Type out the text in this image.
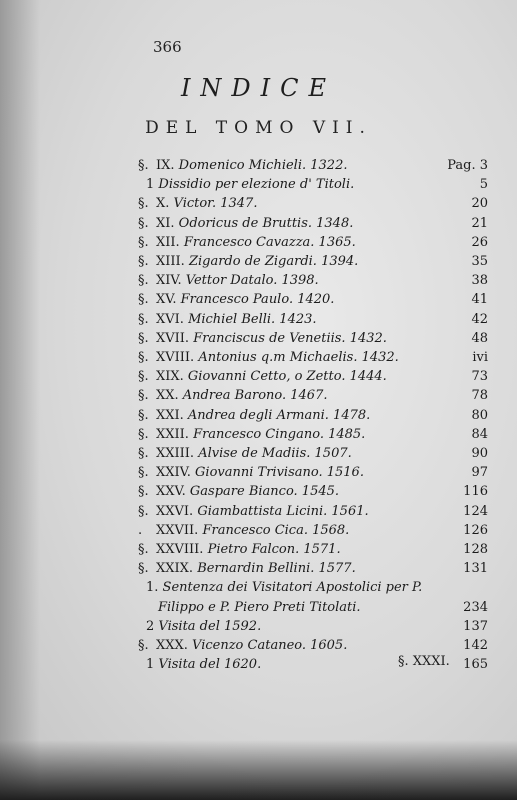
366
INDICE
DEL TOMO VII.
§. IX. Domenico Michieli. 1322.	Pag. 3
1 Dissidio per elezione d' Titoli.	5
§. X. Victor. 1347.	20
§. XI. Odoricus de Bruttis. 1348.	21
§. XII. Francesco Cavazza. 1365.	26
§. XIII. Zigardo de Zigardi. 1394.	35
§. XIV. Vettor Datalo. 1398.	38
§. XV. Francesco Paulo. 1420.	41
§. XVI. Michiel Belli. 1423.	42
§. XVII. Franciscus de Venetiis. 1432.	48
§. XVIII. Antonius q.m Michaelis. 1432.	ivi
§. XIX. Giovanni Cetto, o Zetto. 1444.	73
§. XX. Andrea Barono. 1467.	78
§. XXI. Andrea degli Armani. 1478.	80
§. XXII. Francesco Cingano. 1485.	84
§. XXIII. Alvise de Madiis. 1507.	90
§. XXIV. Giovanni Trivisano. 1516.	97
§. XXV. Gaspare Bianco. 1545.	116
§. XXVI. Giambattista Licini. 1561.	124
. XXVII. Francesco Cica. 1568.	126
§. XXVIII. Pietro Falcon. 1571.	128
§. XXIX. Bernardin Bellini. 1577.	131
1. Sentenza dei Visitatori Apostolici per P.
Filippo e P. Piero Preti Titolati.	234
2 Visita del 1592.	137
§. XXX. Vicenzo Cataneo. 1605.	142
1 Visita del 1620.	165
§. XXXI.
